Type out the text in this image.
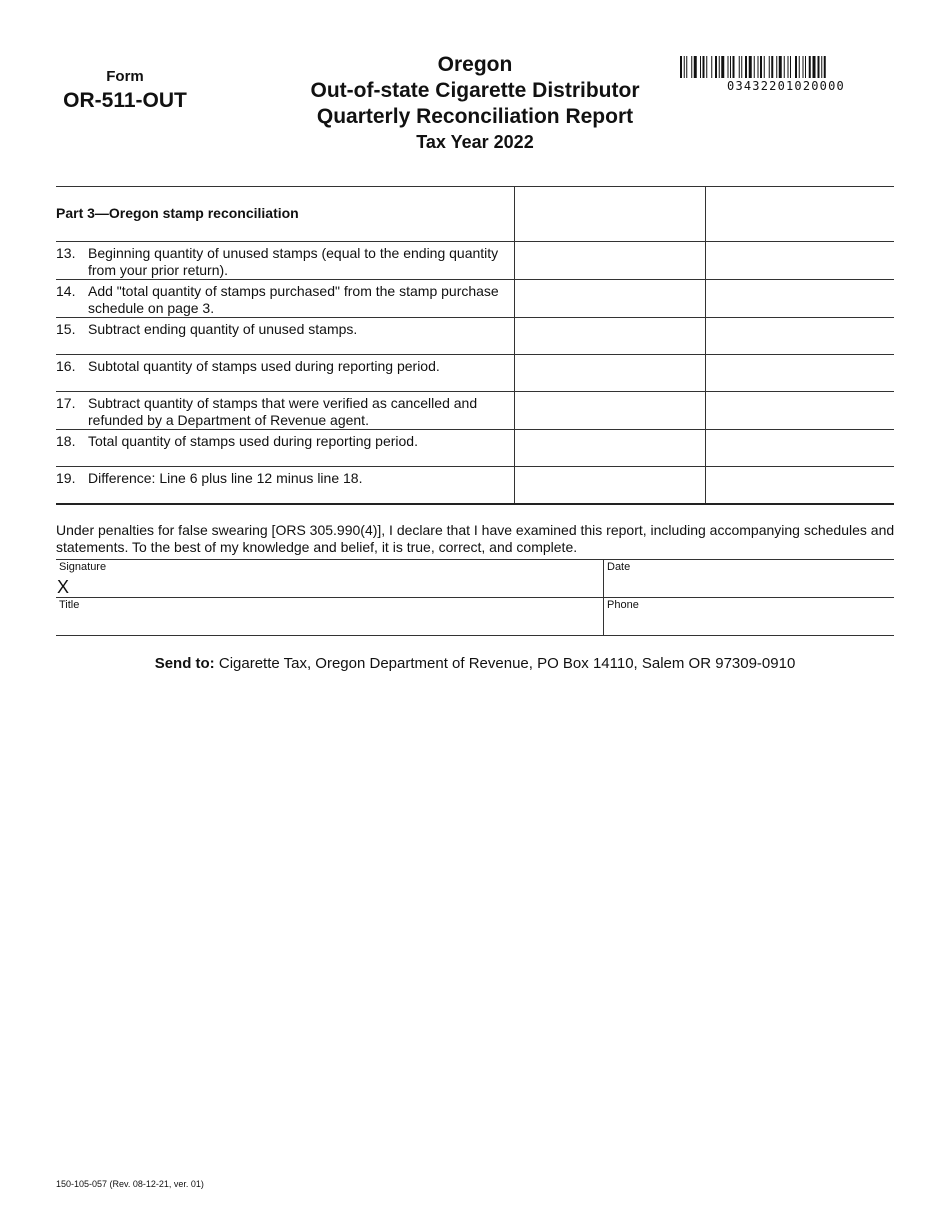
Form
OR-511-OUT
Oregon
Out-of-state Cigarette Distributor
Quarterly Reconciliation Report
Tax Year 2022
03432201020000
Part 3—Oregon stamp reconciliation		

13. Beginning quantity of unused stamps (equal to the ending quantity from your prior return).		

14. Add "total quantity of stamps purchased" from the stamp purchase schedule on page 3.		

15. Subtract ending quantity of unused stamps.		

16. Subtotal quantity of stamps used during reporting period.		

17. Subtract quantity of stamps that were verified as cancelled and refunded by a Department of Revenue agent.		

18. Total quantity of stamps used during reporting period.		

19. Difference: Line 6 plus line 12 minus line 18.		

Under penalties for false swearing [ORS 305.990(4)], I declare that I have examined this report, including accompanying schedules and statements. To the best of my knowledge and belief, it is true, correct, and complete.
Signature
X
Date
Title	Phone
Send to: Cigarette Tax, Oregon Department of Revenue, PO Box 14110, Salem OR 97309-0910
150-105-057 (Rev. 08-12-21, ver. 01)
